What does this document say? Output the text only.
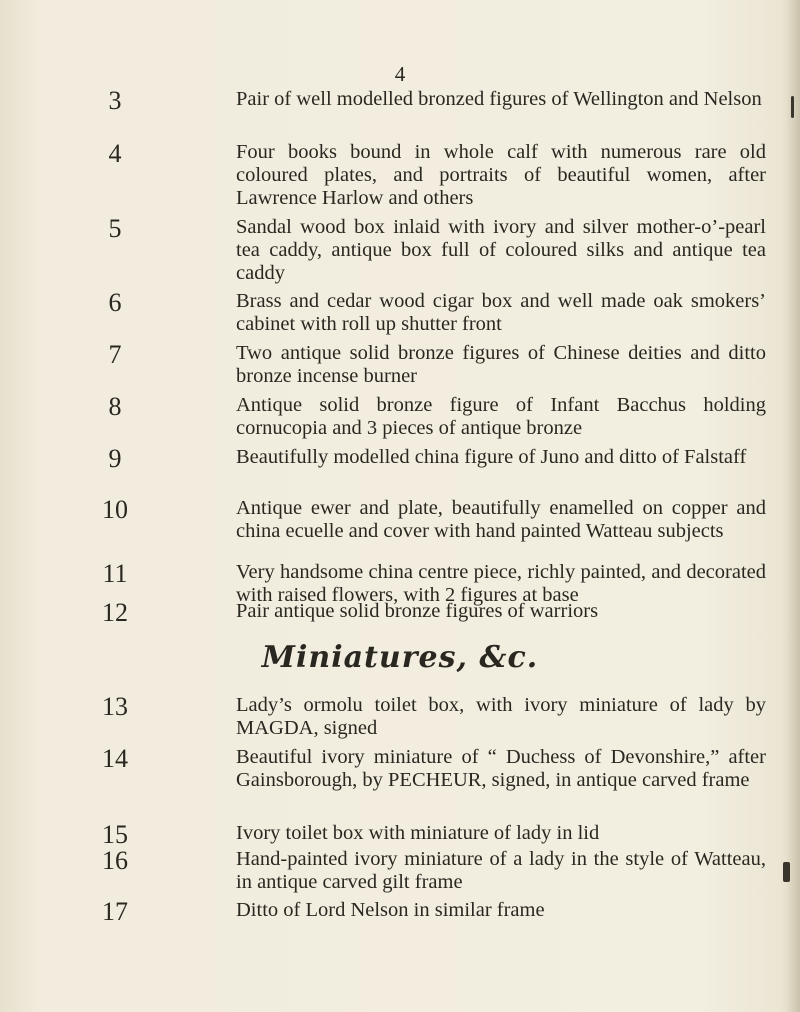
4
3	Pair of well modelled bronzed figures of Wellington and Nelson
4	Four books bound in whole calf with numerous rare old coloured plates, and portraits of beautiful women, after Lawrence Harlow and others
5	Sandal wood box inlaid with ivory and silver mother-o’-pearl tea caddy, antique box full of coloured silks and antique tea caddy
6	Brass and cedar wood cigar box and well made oak smokers’ cabinet with roll up shutter front
7	Two antique solid bronze figures of Chinese deities and ditto bronze incense burner
8	Antique solid bronze figure of Infant Bacchus holding cornucopia and 3 pieces of antique bronze
9	Beautifully modelled china figure of Juno and ditto of Falstaff
10	Antique ewer and plate, beautifully enamelled on copper and china ecuelle and cover with hand painted Watteau subjects
11	Very handsome china centre piece, richly painted, and decorated with raised flowers, with 2 figures at base
12	Pair antique solid bronze figures of warriors
Miniatures, &c.
13	Lady’s ormolu toilet box, with ivory miniature of lady by MAGDA, signed
14	Beautiful ivory miniature of “ Duchess of Devonshire,” after Gainsborough, by PECHEUR, signed, in antique carved frame
15	Ivory toilet box with miniature of lady in lid
16	Hand-painted ivory miniature of a lady in the style of Watteau, in antique carved gilt frame
17	Ditto of Lord Nelson in similar frame
